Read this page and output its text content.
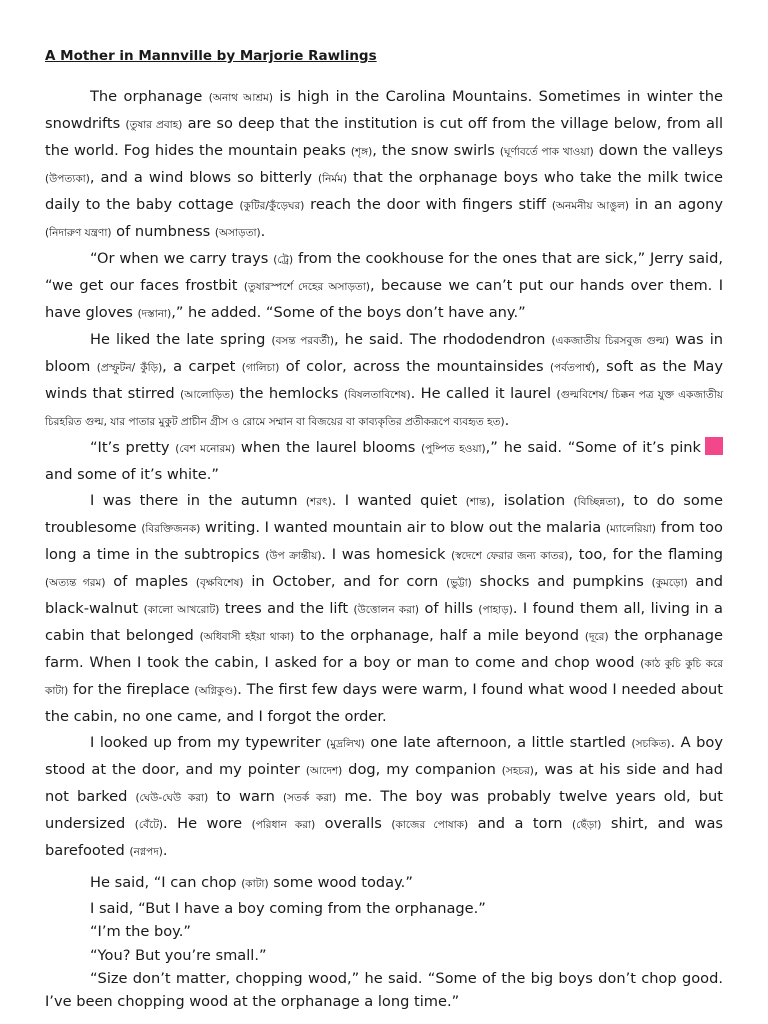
A Mother in Mannville by Marjorie Rawlings

The orphanage (অনাথ আশ্রম) is high in the Carolina Mountains. Sometimes in winter the snowdrifts (তুষার প্রবাহ) are so deep that the institution is cut off from the village below, from all the world. Fog hides the mountain peaks (শৃঙ্গ), the snow swirls (ঘূর্ণাবর্তে পাক খাওয়া) down the valleys (উপত্যকা), and a wind blows so bitterly (নির্মম) that the orphanage boys who take the milk twice daily to the baby cottage (কুটির/কুঁড়েঘর) reach the door with fingers stiff (অনমনীয় আঙুল) in an agony (নিদারুণ যন্ত্রণা) of numbness (অসাড়তা).

“Or when we carry trays (ট্রে) from the cookhouse for the ones that are sick,” Jerry said, “we get our faces frostbit (তুষারস্পর্শে দেহের অসাড়তা), because we can’t put our hands over them. I have gloves (দস্তানা),” he added. “Some of the boys don’t have any.”

He liked the late spring (বসন্ত পরবর্তী), he said. The rhododendron (একজাতীয় চিরসবুজ গুল্ম) was in bloom (প্রস্ফুটন/ কুঁড়ি), a carpet (গালিচা) of color, across the mountainsides (পর্বতপার্শ্ব), soft as the May winds that stirred (আলোড়িত) the hemlocks (বিষলতাবিশেষ). He called it laurel (গুল্মবিশেষ/ চিক্কন পত্র যুক্ত একজাতীয় চিরহরিত গুল্ম, যার পাতার মুকুট প্রাচীন গ্রীস ও রোমে সম্মান বা বিজয়ের বা কাব্যকৃতির প্রতীকরূপে ব্যবহৃত হত).

“It’s pretty (বেশ মনোরম) when the laurel blooms (পুষ্পিত হওয়া),” he said. “Some of it’s pink and some of it’s white.”

I was there in the autumn (শরৎ). I wanted quiet (শান্ত), isolation (বিচ্ছিন্নতা), to do some troublesome (বিরক্তিজনক) writing. I wanted mountain air to blow out the malaria (ম্যালেরিয়া) from too long a time in the subtropics (উপ ক্রান্তীয়). I was homesick (স্বদেশে ফেরার জন্য কাতর), too, for the flaming (অত্যন্ত গরম) of maples (বৃক্ষবিশেষ) in October, and for corn (ভুট্টা) shocks and pumpkins (কুমড়ো) and black-walnut (কালো আখরোট) trees and the lift (উত্তোলন করা) of hills (পাহাড়). I found them all, living in a cabin that belonged (অধিবাসী হইয়া থাকা) to the orphanage, half a mile beyond (দূরে) the orphanage farm. When I took the cabin, I asked for a boy or man to come and chop wood (কাঠ কুচি কুচি করে কাটা) for the fireplace (অগ্নিকুণ্ড). The first few days were warm, I found what wood I needed about the cabin, no one came, and I forgot the order.

I looked up from my typewriter (মুদ্রলিখ) one late afternoon, a little startled (সচকিত). A boy stood at the door, and my pointer (আদেশ) dog, my companion (সহচর), was at his side and had not barked (ঘেউ-ঘেউ করা) to warn (সতর্ক করা) me. The boy was probably twelve years old, but undersized (বেঁটে). He wore (পরিধান করা) overalls (কাজের পোষাক) and a torn (ছেঁড়া) shirt, and was barefooted (নগ্নপদ).

He said, “I can chop (কাটা) some wood today.”

I said, “But I have a boy coming from the orphanage.”

“I’m the boy.”

“You? But you’re small.”

“Size don’t matter, chopping wood,” he said. “Some of the big boys don’t chop good. I’ve been chopping wood at the orphanage a long time.”
